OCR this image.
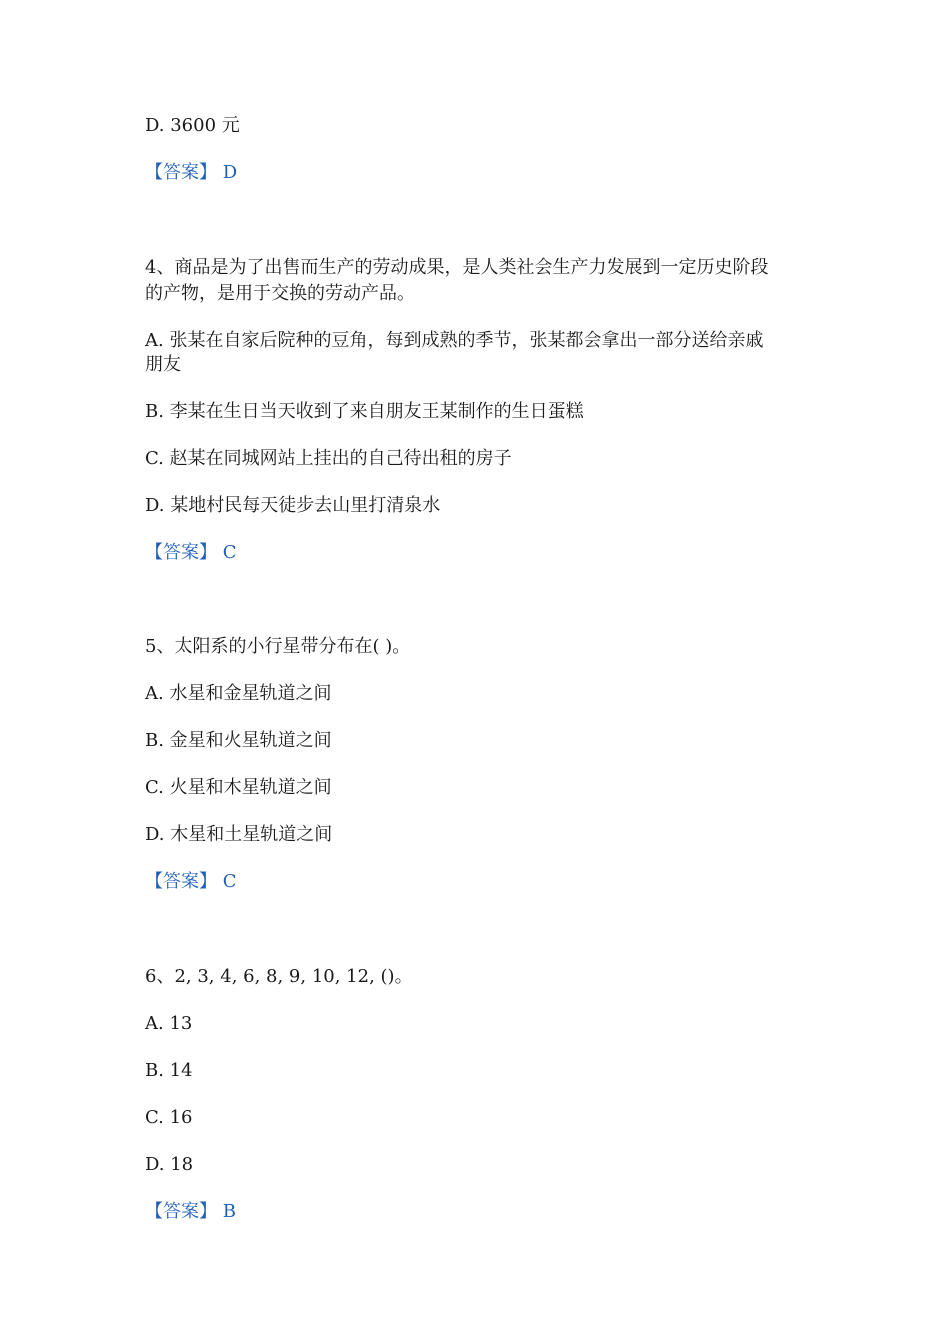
D. 3600 元
【答案】 D
4、商品是为了出售而生产的劳动成果，是人类社会生产力发展到一定历史阶段
的产物，是用于交换的劳动产品。
A. 张某在自家后院种的豆角，每到成熟的季节，张某都会拿出一部分送给亲戚
朋友
B. 李某在生日当天收到了来自朋友王某制作的生日蛋糕
C. 赵某在同城网站上挂出的自己待出租的房子
D. 某地村民每天徒步去山里打清泉水
【答案】 C
5、太阳系的小行星带分布在( )。
A. 水星和金星轨道之间
B. 金星和火星轨道之间
C. 火星和木星轨道之间
D. 木星和土星轨道之间
【答案】 C
6、2, 3, 4, 6, 8, 9, 10, 12, ()。
A. 13
B. 14
C. 16
D. 18
【答案】 B
